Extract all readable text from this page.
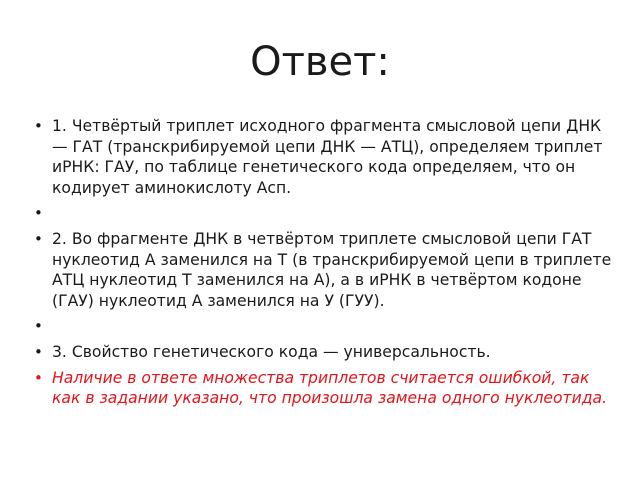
Ответ:
• 1. Четвёртый триплет исходного фрагмента смысловой цепи ДНК — ГАТ (транскрибируемой цепи ДНК — АТЦ), определяем триплет иРНК: ГАУ, по таблице генетического кода определяем, что он кодирует аминокислоту Асп.
•

• 2. Во фрагменте ДНК в четвёртом триплете смысловой цепи ГАТ нуклеотид А заменился на Т (в транскрибируемой цепи в триплете АТЦ нуклеотид Т заменился на А), а в иРНК в четвёртом кодоне (ГАУ) нуклеотид А заменился на У (ГУУ).
•

• 3. Свойство генетического кода — универсальность.
• Наличие в ответе множества триплетов считается ошибкой, так как в задании указано, что произошла замена одного нуклеотида.
